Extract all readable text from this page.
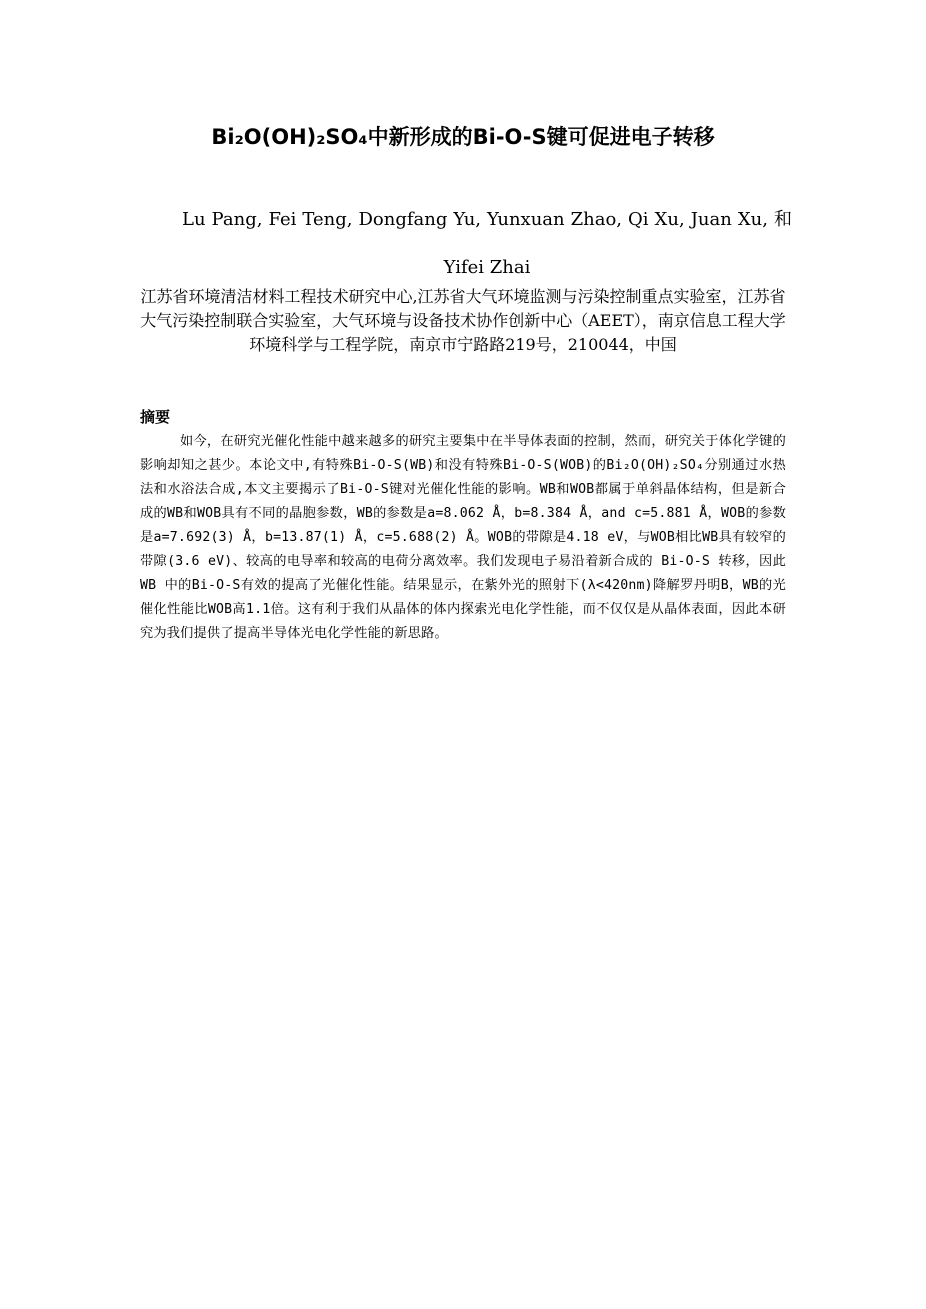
Bi₂O(OH)₂SO₄中新形成的Bi-O-S键可促进电子转移
Lu Pang, Fei Teng, Dongfang Yu, Yunxuan Zhao, Qi Xu, Juan Xu, 和 Yifei Zhai
江苏省环境清洁材料工程技术研究中心,江苏省大气环境监测与污染控制重点实验室，江苏省大气污染控制联合实验室，大气环境与设备技术协作创新中心（AEET），南京信息工程大学环境科学与工程学院，南京市宁路路219号，210044，中国
摘要
如今，在研究光催化性能中越来越多的研究主要集中在半导体表面的控制，然而，研究关于体化学键的影响却知之甚少。本论文中,有特殊Bi-O-S(WB)和没有特殊Bi-O-S(WOB)的Bi₂O(OH)₂SO₄分别通过水热法和水浴法合成,本文主要揭示了Bi-O-S键对光催化性能的影响。WB和WOB都属于单斜晶体结构，但是新合成的WB和WOB具有不同的晶胞参数，WB的参数是a=8.062 Å，b=8.384 Å，and c=5.881 Å，WOB的参数是a=7.692(3) Å，b=13.87(1) Å，c=5.688(2) Å。WOB的带隙是4.18 eV，与WOB相比WB具有较窄的带隙(3.6 eV)、较高的电导率和较高的电荷分离效率。我们发现电子易沿着新合成的 Bi-O-S 转移，因此 WB 中的Bi-O-S有效的提高了光催化性能。结果显示，在紫外光的照射下(λ<420nm)降解罗丹明B，WB的光催化性能比WOB高1.1倍。这有利于我们从晶体的体内探索光电化学性能，而不仅仅是从晶体表面，因此本研究为我们提供了提高半导体光电化学性能的新思路。
